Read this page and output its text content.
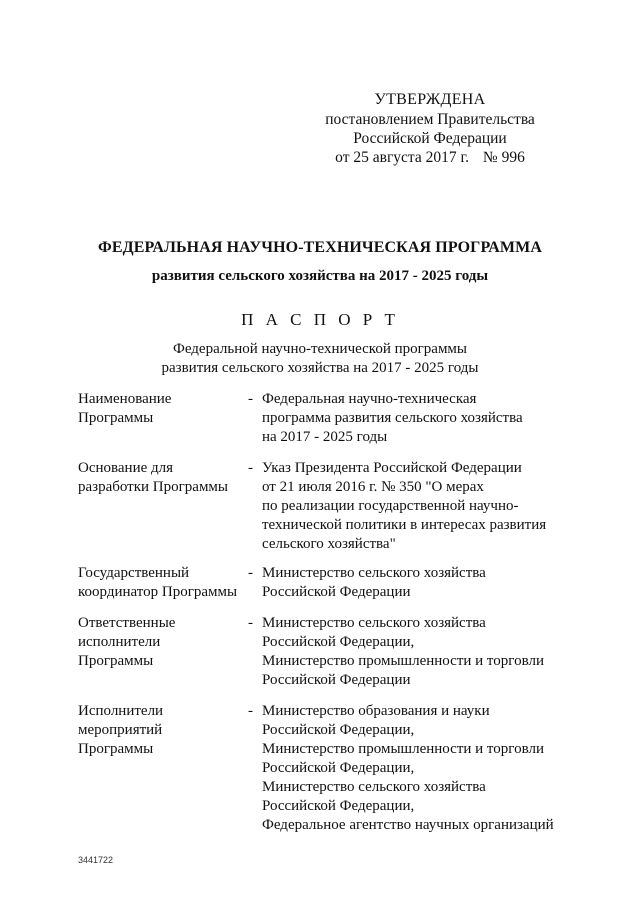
УТВЕРЖДЕНА
постановлением Правительства
Российской Федерации
от 25 августа 2017 г. № 996
ФЕДЕРАЛЬНАЯ НАУЧНО-ТЕХНИЧЕСКАЯ ПРОГРАММА
развития сельского хозяйства на 2017 - 2025 годы
П А С П О Р Т
Федеральной научно-технической программы
развития сельского хозяйства на 2017 - 2025 годы
Наименование
Программы
- Федеральная научно-техническая
программа развития сельского хозяйства
на 2017 - 2025 годы
Основание для
разработки Программы
- Указ Президента Российской Федерации
от 21 июля 2016 г. № 350 "О мерах
по реализации государственной научно-
технической политики в интересах развития
сельского хозяйства"
Государственный
координатор Программы
- Министерство сельского хозяйства
Российской Федерации
Ответственные
исполнители
Программы
- Министерство сельского хозяйства
Российской Федерации,
Министерство промышленности и торговли
Российской Федерации
Исполнители
мероприятий
Программы
- Министерство образования и науки
Российской Федерации,
Министерство промышленности и торговли
Российской Федерации,
Министерство сельского хозяйства
Российской Федерации,
Федеральное агентство научных организаций
3441722
